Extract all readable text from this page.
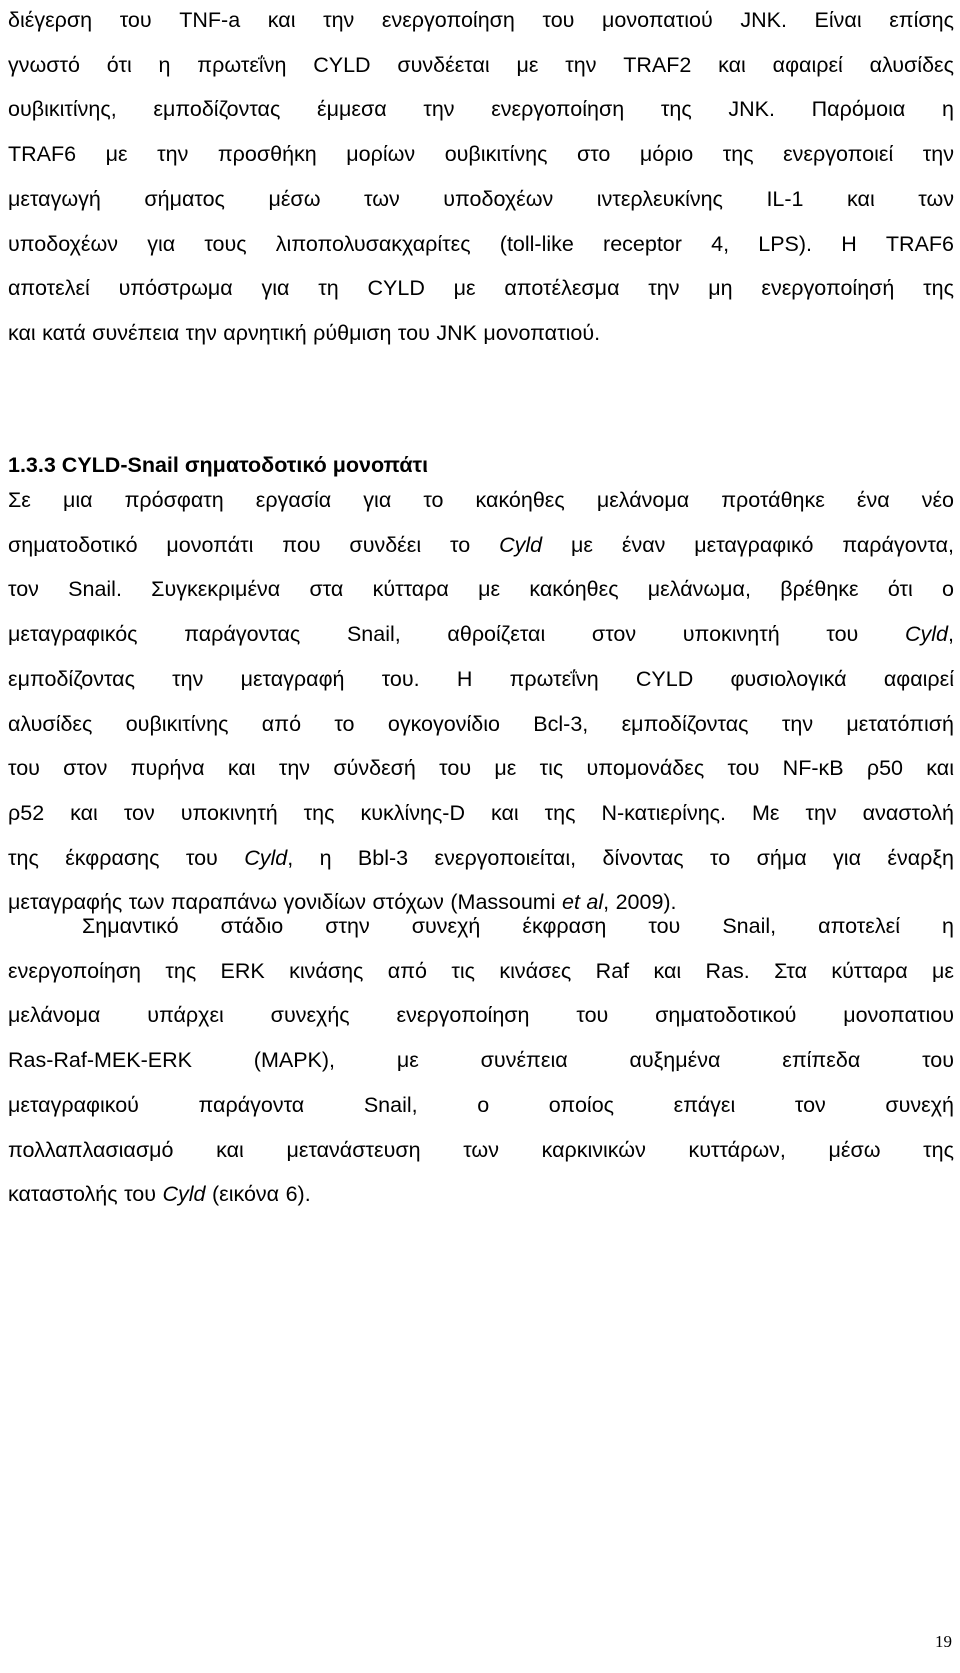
διέγερση του TNF-a και την ενεργοποίηση του μονοπατιού JNK. Είναι επίσης
γνωστό ότι η πρωτεΐνη CYLD συνδέεται με την TRAF2 και αφαιρεί αλυσίδες
ουβικιτίνης, εμποδίζοντας έμμεσα την ενεργοποίηση της JNK. Παρόμοια η
TRAF6 με την προσθήκη μορίων ουβικιτίνης στο μόριο της ενεργοποιεί την
μεταγωγή σήματος μέσω των υποδοχέων ιντερλευκίνης IL-1 και των
υποδοχέων για τους λιποπολυσακχαρίτες (toll-like receptor 4, LPS). Η TRAF6
αποτελεί υπόστρωμα για τη CYLD με αποτέλεσμα την μη ενεργοποίησή της
και κατά συνέπεια την αρνητική ρύθμιση του JNK μονοπατιού.
1.3.3 CYLD-Snail σηματοδοτικό μονοπάτι
Σε μια πρόσφατη εργασία για το κακόηθες μελάνομα προτάθηκε ένα νέο
σηματοδοτικό μονοπάτι που συνδέει το Cyld με έναν μεταγραφικό παράγοντα,
τον Snail. Συγκεκριμένα στα κύτταρα με κακόηθες μελάνωμα, βρέθηκε ότι ο
μεταγραφικός παράγοντας Snail, αθροίζεται στον υποκινητή του Cyld,
εμποδίζοντας την μεταγραφή του. Η πρωτεΐνη CYLD φυσιολογικά αφαιρεί
αλυσίδες ουβικιτίνης από το ογκογονίδιο Bcl-3, εμποδίζοντας την μετατόπισή
του στον πυρήνα και την σύνδεσή του με τις υπομονάδες του NF-κB ρ50 και
ρ52 και τον υποκινητή της κυκλίνης-D και της Ν-κατιερίνης. Με την αναστολή
της έκφρασης του Cyld, η Bbl-3 ενεργοποιείται, δίνοντας το σήμα για έναρξη
μεταγραφής των παραπάνω γονιδίων στόχων (Massoumi et al, 2009).
Σημαντικό στάδιο στην συνεχή έκφραση του Snail, αποτελεί η
ενεργοποίηση της ERK κινάσης από τις κινάσες Raf και Ras. Στα κύτταρα με
μελάνομα υπάρχει συνεχής ενεργοποίηση του σηματοδοτικού μονοπατιου
Ras-Raf-MEK-ERK (MAPK), με συνέπεια αυξημένα επίπεδα του
μεταγραφικού παράγοντα Snail, ο οποίος επάγει τον συνεχή
πολλαπλασιασμό και μετανάστευση των καρκινικών κυττάρων, μέσω της
καταστολής του Cyld (εικόνα 6).
19
